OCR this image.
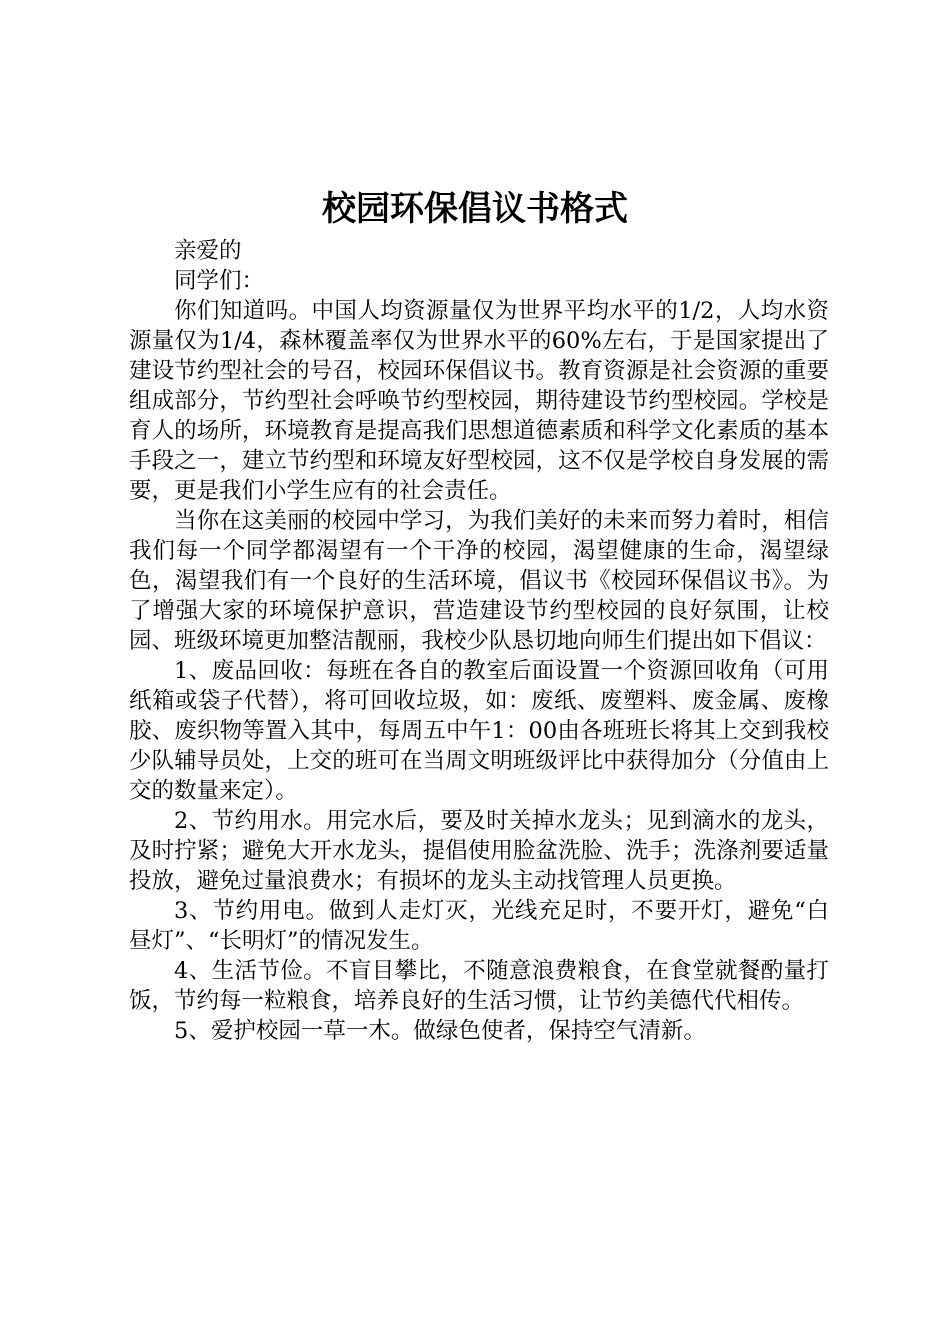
校园环保倡议书格式

亲爱的

同学们：

你们知道吗。中国人均资源量仅为世界平均水平的1/2，人均水资源量仅为1/4，森林覆盖率仅为世界水平的60%左右，于是国家提出了建设节约型社会的号召，校园环保倡议书。教育资源是社会资源的重要组成部分，节约型社会呼唤节约型校园，期待建设节约型校园。学校是育人的场所，环境教育是提高我们思想道德素质和科学文化素质的基本手段之一，建立节约型和环境友好型校园，这不仅是学校自身发展的需要，更是我们小学生应有的社会责任。

当你在这美丽的校园中学习，为我们美好的未来而努力着时，相信我们每一个同学都渴望有一个干净的校园，渴望健康的生命，渴望绿色，渴望我们有一个良好的生活环境，倡议书《校园环保倡议书》。为了增强大家的环境保护意识，营造建设节约型校园的良好氛围，让校园、班级环境更加整洁靓丽，我校少队恳切地向师生们提出如下倡议：

1、废品回收：每班在各自的教室后面设置一个资源回收角（可用纸箱或袋子代替），将可回收垃圾，如：废纸、废塑料、废金属、废橡胶、废织物等置入其中，每周五中午1：00由各班班长将其上交到我校少队辅导员处，上交的班可在当周文明班级评比中获得加分（分值由上交的数量来定）。

2、节约用水。用完水后，要及时关掉水龙头；见到滴水的龙头，及时拧紧；避免大开水龙头，提倡使用脸盆洗脸、洗手；洗涤剂要适量投放，避免过量浪费水；有损坏的龙头主动找管理人员更换。

3、节约用电。做到人走灯灭，光线充足时，不要开灯，避免“白昼灯”、“长明灯”的情况发生。

4、生活节俭。不盲目攀比，不随意浪费粮食，在食堂就餐酌量打饭，节约每一粒粮食，培养良好的生活习惯，让节约美德代代相传。

5、爱护校园一草一木。做绿色使者，保持空气清新。
